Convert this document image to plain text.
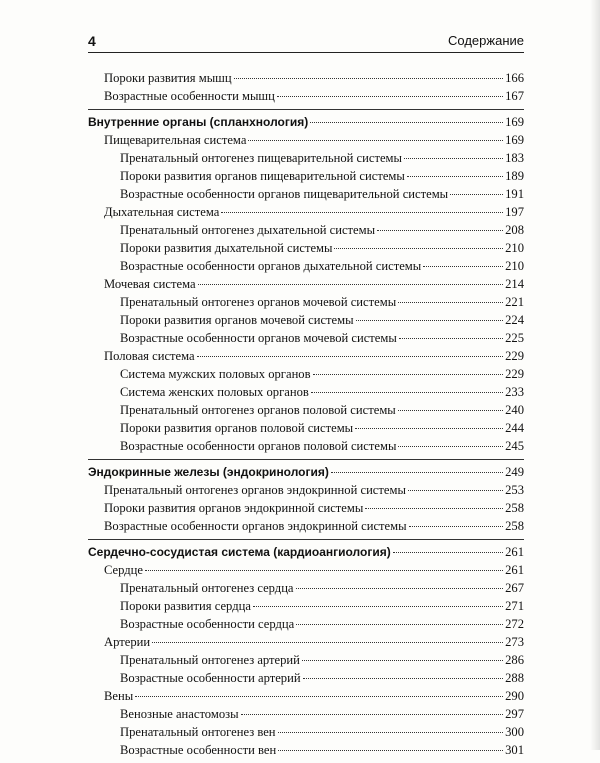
4	Содержание
Пороки развития мышц	166
Возрастные особенности мышц	167
Внутренние органы (спланхнология)	169
Пищеварительная система	169
Пренатальный онтогенез пищеварительной системы	183
Пороки развития органов пищеварительной системы	189
Возрастные особенности органов пищеварительной системы	191
Дыхательная система	197
Пренатальный онтогенез дыхательной системы	208
Пороки развития дыхательной системы	210
Возрастные особенности органов дыхательной системы	210
Мочевая система	214
Пренатальный онтогенез органов мочевой системы	221
Пороки развития органов мочевой системы	224
Возрастные особенности органов мочевой системы	225
Половая система	229
Система мужских половых органов	229
Система женских половых органов	233
Пренатальный онтогенез органов половой системы	240
Пороки развития органов половой системы	244
Возрастные особенности органов половой системы	245
Эндокринные железы (эндокринология)	249
Пренатальный онтогенез органов эндокринной системы	253
Пороки развития органов эндокринной системы	258
Возрастные особенности органов эндокринной системы	258
Сердечно-сосудистая система (кардиоангиология)	261
Сердце	261
Пренатальный онтогенез сердца	267
Пороки развития сердца	271
Возрастные особенности сердца	272
Артерии	273
Пренатальный онтогенез артерий	286
Возрастные особенности артерий	288
Вены	290
Венозные анастомозы	297
Пренатальный онтогенез вен	300
Возрастные особенности вен	301
